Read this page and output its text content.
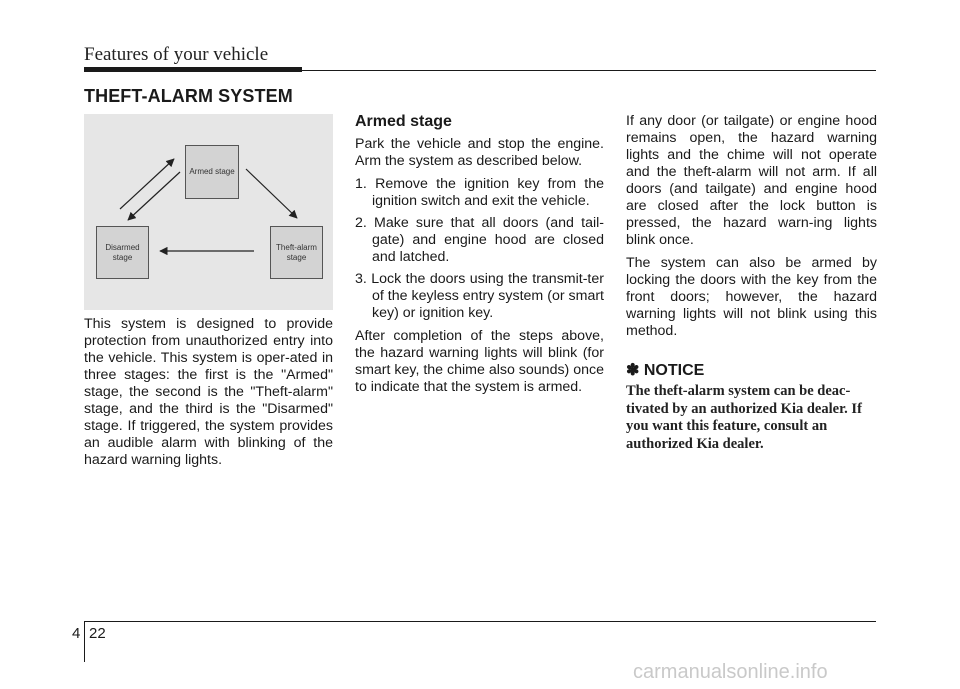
Features of your vehicle
THEFT-ALARM SYSTEM
Armed stage
Theft-alarm stage
Disarmed stage

This system is designed to provide protection from unauthorized entry into the vehicle. This system is oper-ated in three stages: the first is the "Armed" stage, the second is the "Theft-alarm" stage, and the third is the "Disarmed" stage. If triggered, the system provides an audible alarm with blinking of the hazard warning lights.

Armed stage

Park the vehicle and stop the engine. Arm the system as described below.

1. Remove the ignition key from the ignition switch and exit the vehicle.
2. Make sure that all doors (and tail-gate) and engine hood are closed and latched.
3. Lock the doors using the transmit-ter of the keyless entry system (or smart key) or ignition key.

After completion of the steps above, the hazard warning lights will blink (for smart key, the chime also sounds) once to indicate that the system is armed.

If any door (or tailgate) or engine hood remains open, the hazard warning lights and the chime will not operate and the theft-alarm will not arm. If all doors (and tailgate) and engine hood are closed after the lock button is pressed, the hazard warn-ing lights blink once.

The system can also be armed by locking the doors with the key from the front doors; however, the hazard warning lights will not blink using this method.

✽ NOTICE
The theft-alarm system can be deac-tivated by an authorized Kia dealer. If you want this feature, consult an authorized Kia dealer.
4 22
carmanualsonline.info
